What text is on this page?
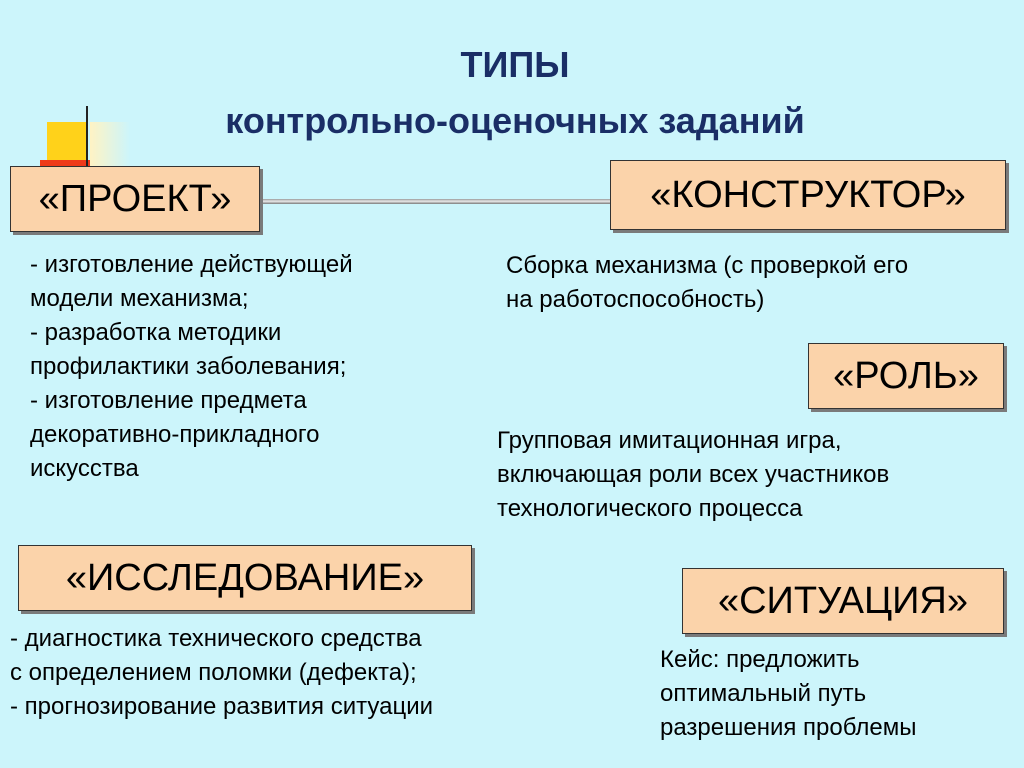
ТИПЫ
контрольно-оценочных заданий
«ПРОЕКТ»
- изготовление действующей
модели механизма;
- разработка методики
профилактики заболевания;
- изготовление предмета
декоративно-прикладного
искусства
«КОНСТРУКТОР»
Сборка механизма (с проверкой его
на работоспособность)
«РОЛЬ»
Групповая имитационная игра,
включающая роли всех участников
технологического процесса
«ИССЛЕДОВАНИЕ»
- диагностика технического средства
с определением поломки (дефекта);
- прогнозирование развития ситуации
«СИТУАЦИЯ»
Кейс: предложить
оптимальный путь
разрешения проблемы
